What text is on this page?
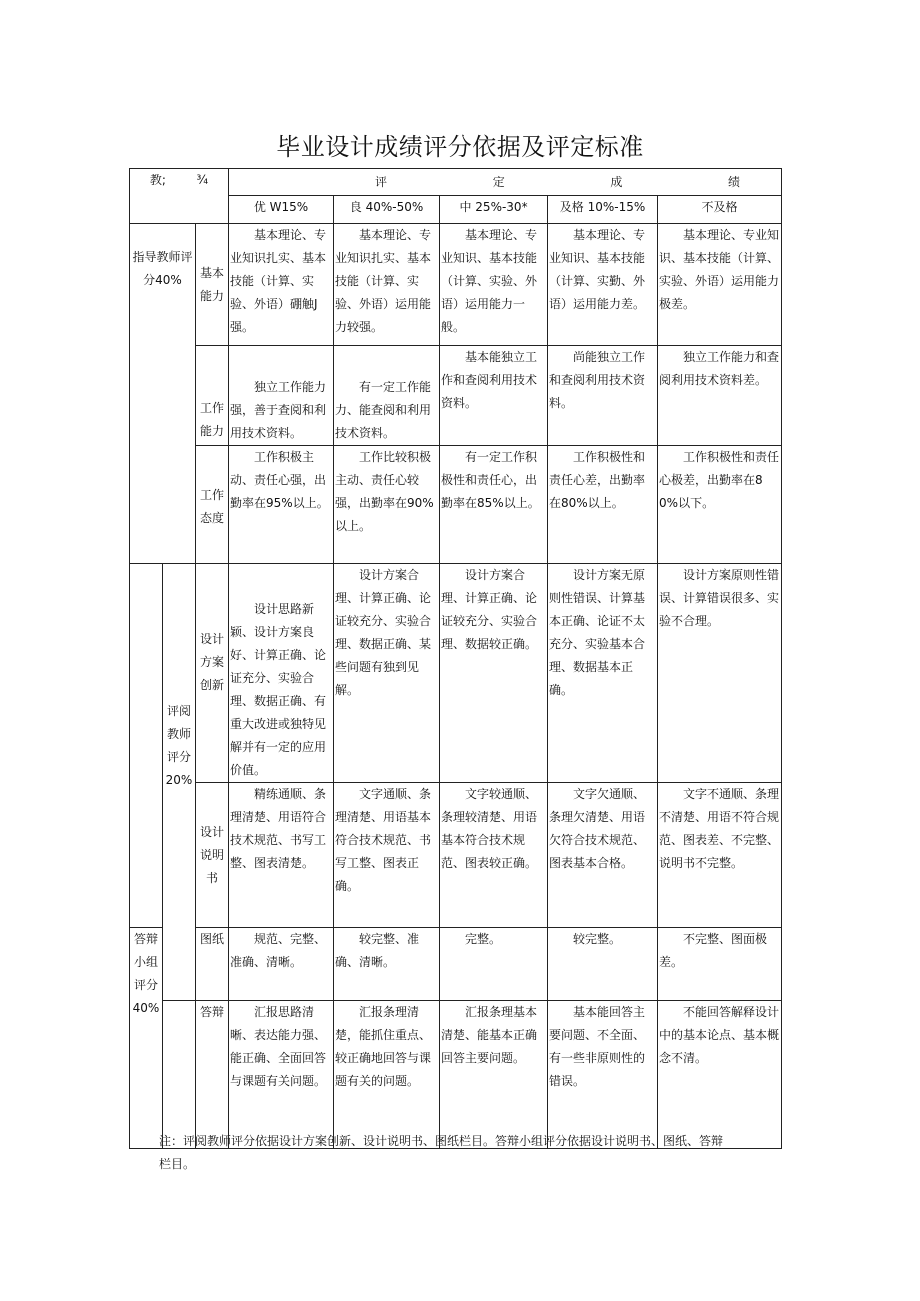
毕业设计成绩评分依据及评定标准
教; ¾			评 定 成 绩				

			优 W15%	良 40%-50%	中 25%-30*	及格 10%-15%	不及格
指导教师评分40%		基本能力	基本理论、专业知识扎实、基本技能（计算、实验、外语）硼触J强。	基本理论、专业知识扎实、基本技能（计算、实验、外语）运用能力较强。	基本理论、专业知识、基本技能（计算、实验、外语）运用能力一般。	基本理论、专业知识、基本技能（计算、实勤、外语）运用能力差。	基本理论、专业知识、基本技能（计算、实验、外语）运用能力极差。
		工作能力	独立工作能力强，善于查阅和利用技术资料。	有一定工作能力、能查阅和利用技术资料。	基本能独立工作和查阅利用技术资料。	尚能独立工作和查阅利用技术资料。	独立工作能力和查阅利用技术资料差。
		工作态度	工作积极主动、责任心强，出勤率在95%以上。	工作比较积极主动、责任心较强，出勤率在90%以上。	有一定工作积极性和责任心，出勤率在85%以上。	工作积极性和责任心差，出勤率在80%以上。	工作积极性和责任心极差，出勤率在80%以下。
	评阅教师评分20%	设计方案创新	设计思路新颖、设计方案良好、计算正确、论证充分、实验合理、数据正确、有重大改进或独特见解并有一定的应用价值。	设计方案合理、计算正确、论证较充分、实验合理、数据正确、某些问题有独到见解。	设计方案合理、计算正确、论证较充分、实验合理、数据较正确。	设计方案无原则性错误、计算基本正确、论证不太充分、实验基本合理、数据基本正确。	设计方案原则性错误、计算错误很多、实验不合理。
		设计说明书	精练通顺、条理清楚、用语符合技术规范、书写工整、图表清楚。	文字通顺、条理清楚、用语基本符合技术规范、书写工整、图表正确。	文字较通顺、条理较清楚、用语基本符合技术规范、图表较正确。	文字欠通顺、条理欠清楚、用语欠符合技术规范、图表基本合格。	文字不通顺、条理不清楚、用语不符合规范、图表差、不完整、说明书不完整。
答辩小组评分40%		图纸	规范、完整、准确、清晰。	较完整、准确、清晰。	完整。	较完整。	不完整、图面极差。
		答辩	汇报思路清晰、表达能力强、能正确、全面回答与课题有关问题。	汇报条理清楚，能抓住重点、较正确地回答与课题有关的问题。	汇报条理基本清楚、能基本正确回答主要问题。	基本能回答主要问题、不全面、有一些非原则性的错误。	不能回答解释设计中的基本论点、基本概念不清。
注：评阅教师评分依据设计方案创新、设计说明书、图纸栏目。答辩小组评分依据设计说明书、图纸、答辩栏目。
